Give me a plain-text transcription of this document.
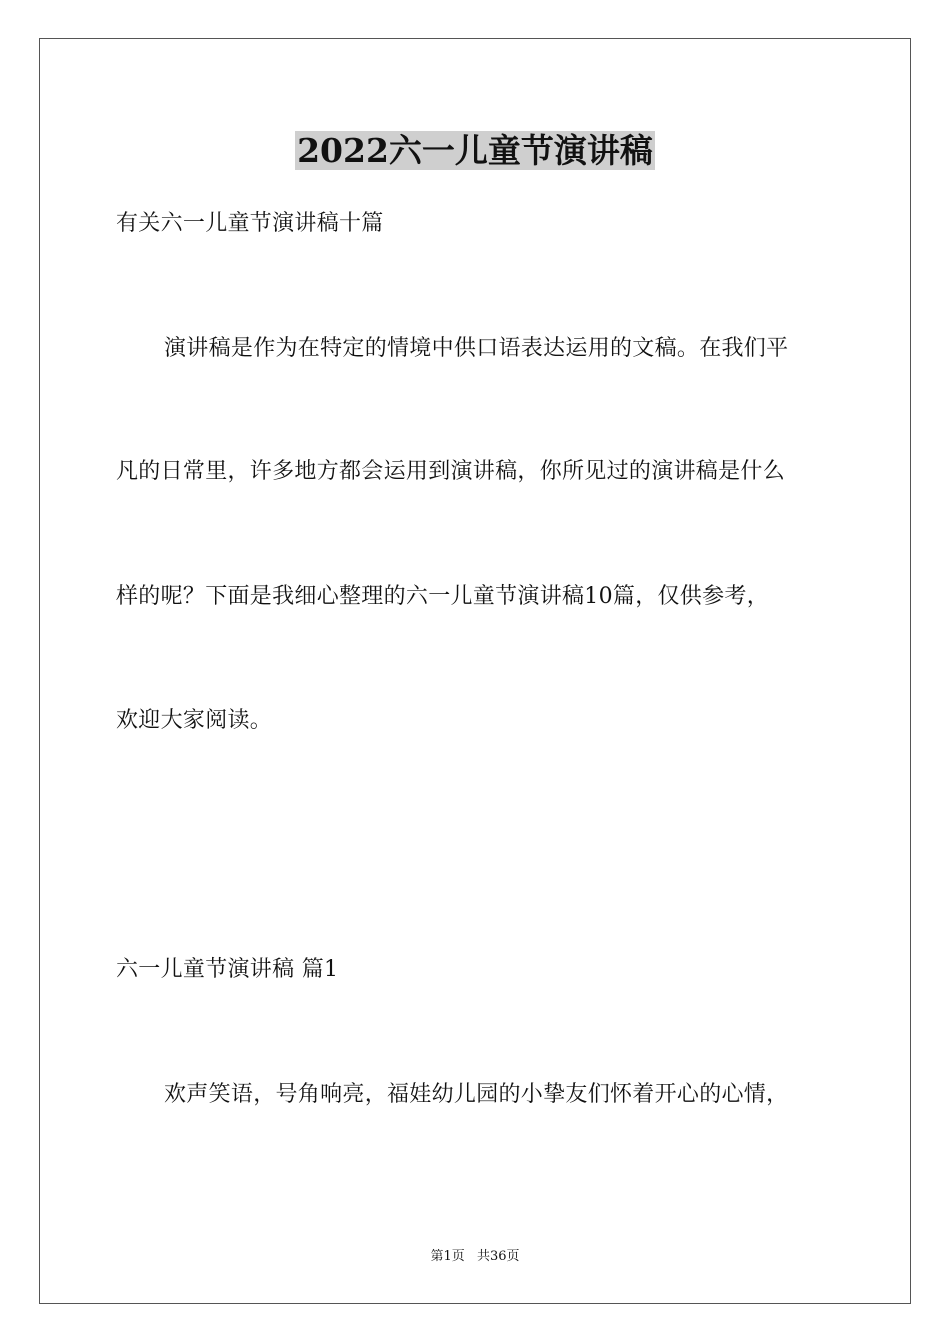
2022六一儿童节演讲稿

有关六一儿童节演讲稿十篇

演讲稿是作为在特定的情境中供口语表达运用的文稿。在我们平

凡的日常里，许多地方都会运用到演讲稿，你所见过的演讲稿是什么

样的呢？下面是我细心整理的六一儿童节演讲稿10篇，仅供参考，

欢迎大家阅读。

六一儿童节演讲稿 篇1

欢声笑语，号角响亮，福娃幼儿园的小挚友们怀着开心的心情，

第1页 共36页
